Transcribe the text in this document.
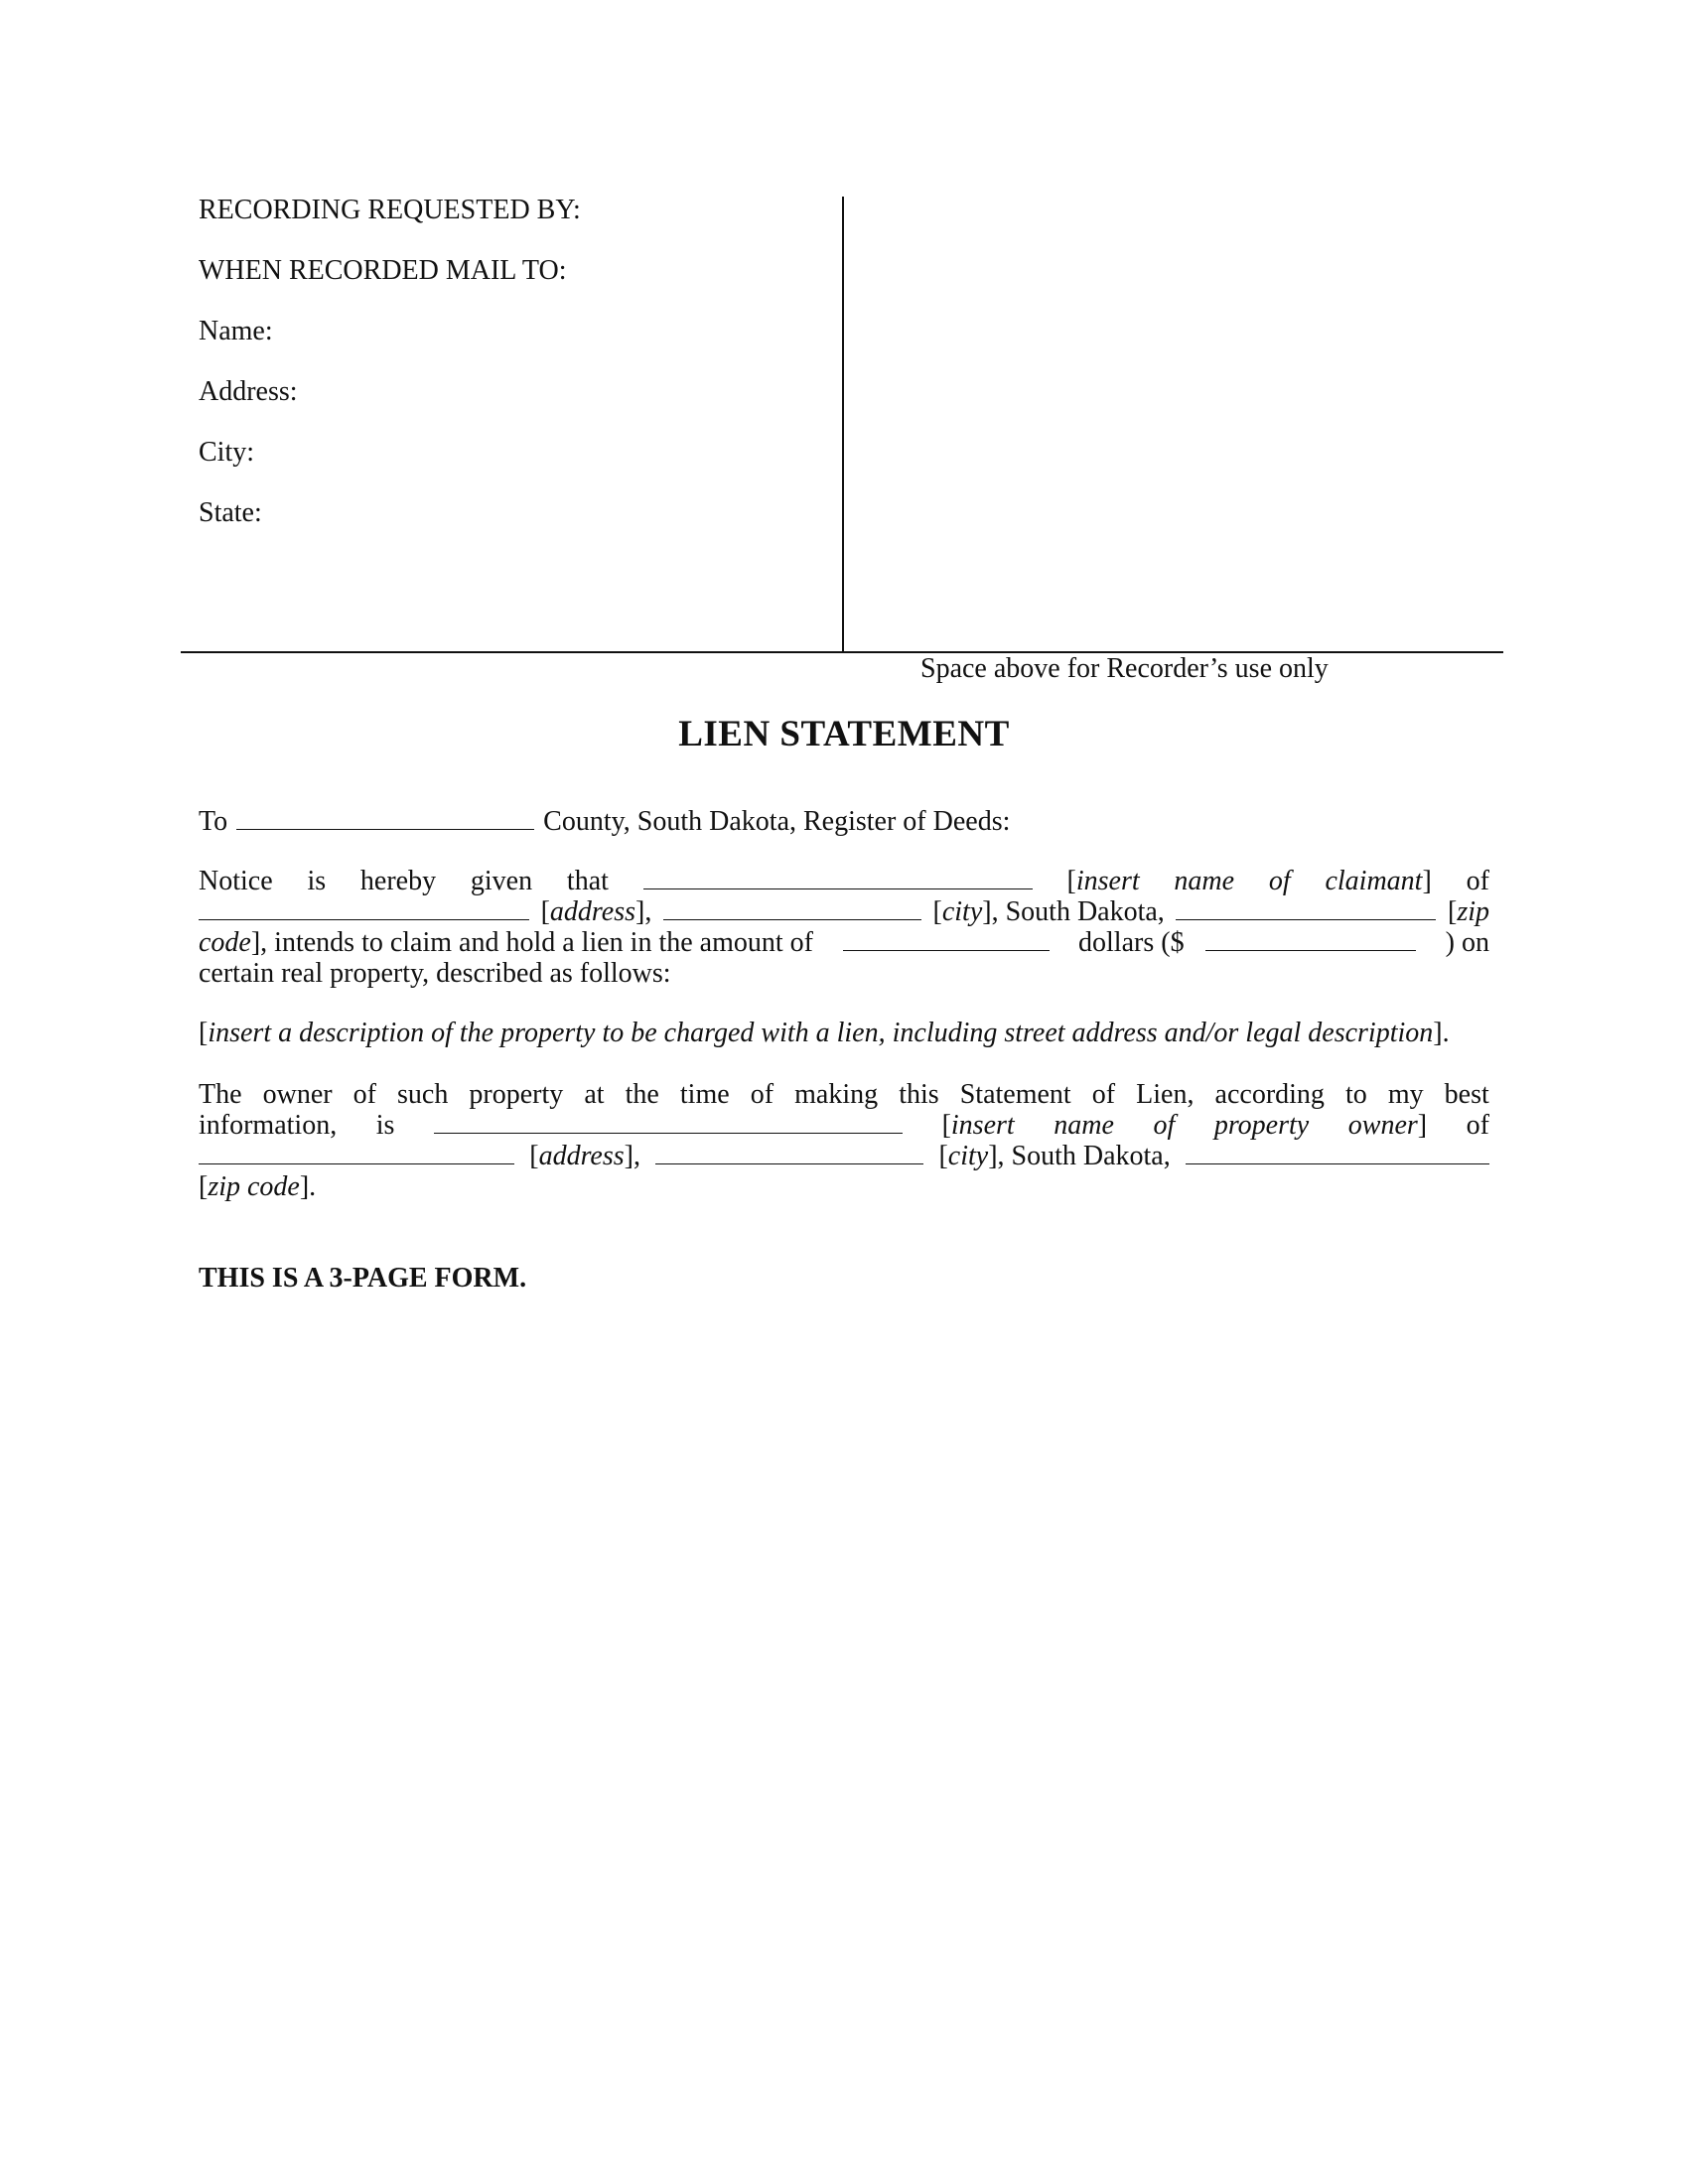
RECORDING REQUESTED BY:
WHEN RECORDED MAIL TO:
Name:
Address:
City:
State:
Space above for Recorder’s use only
LIEN STATEMENT
To	County, South Dakota, Register of Deeds:
Notice is hereby given that	[insert name of claimant] of
[address],	[city], South Dakota,	[zip
code], intends to claim and hold a lien in the amount of	dollars ($	) on
certain real property, described as follows:
[ insert a description of the property to be charged with a lien, including street address and/or legal description ].
The owner of such property at the time of making this Statement of Lien, according to my best
information, is	[insert name of property owner] of
[address],	[city], South Dakota,
[ zip code ].
THIS IS A 3-PAGE FORM.
